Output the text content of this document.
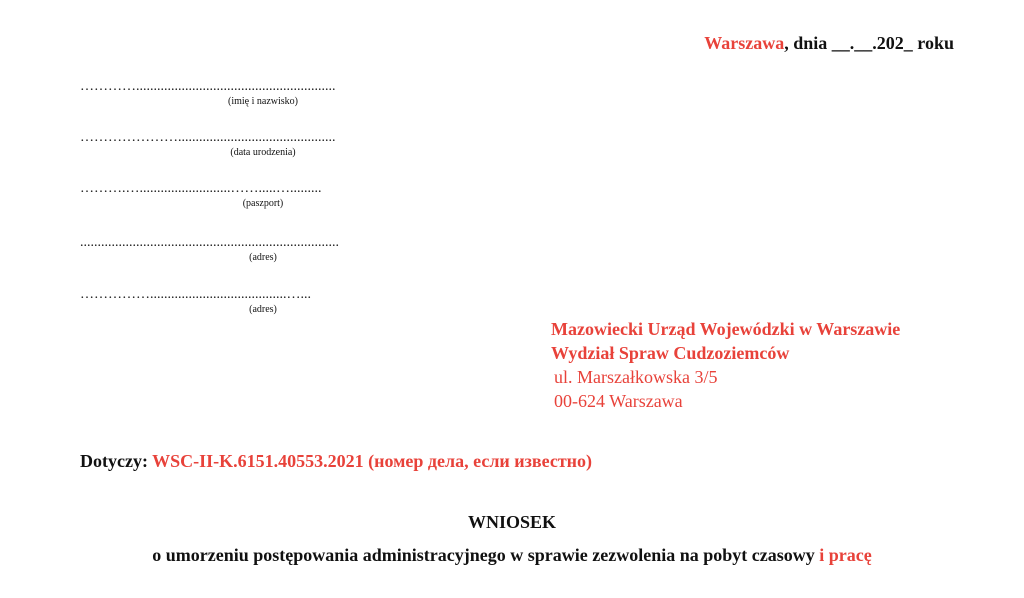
Warszawa, dnia __.__.202_ roku
………….........................................................
(imię i nazwisko)
………………….............................................
(data urodzenia)
……….…..........................…….....….........
(paszport)
..........................................................................
(adres)
…………….......................................…...
(adres)
Mazowiecki Urząd Wojewódzki w Warszawie
Wydział Spraw Cudzoziemców
ul. Marszałkowska 3/5
00-624 Warszawa
Dotyczy: WSC-II-K.6151.40553.2021 (номер дела, если известно)
WNIOSEK
o umorzeniu postępowania administracyjnego w sprawie zezwolenia na pobyt czasowy i pracę
